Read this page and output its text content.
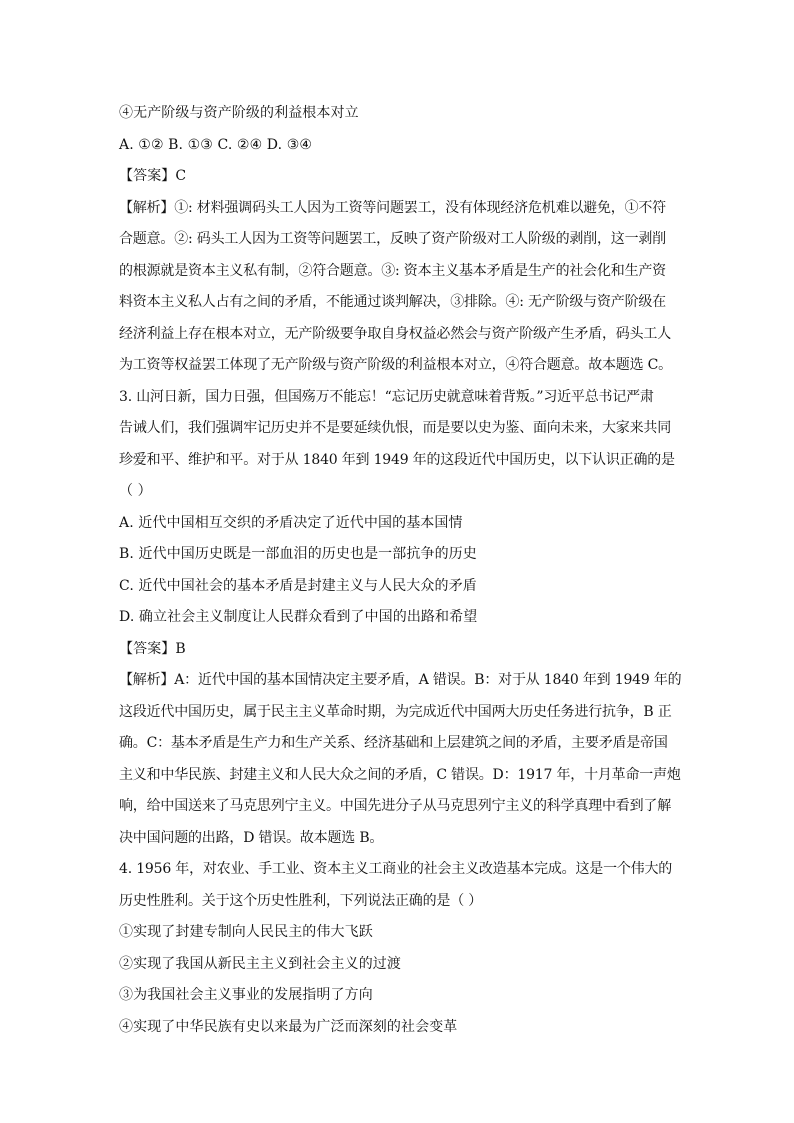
④无产阶级与资产阶级的利益根本对立
A. ①② B. ①③ C. ②④ D. ③④
【答案】C
【解析】①: 材料强调码头工人因为工资等问题罢工，没有体现经济危机难以避免，①不符
合题意。②: 码头工人因为工资等问题罢工，反映了资产阶级对工人阶级的剥削，这一剥削
的根源就是资本主义私有制，②符合题意。③: 资本主义基本矛盾是生产的社会化和生产资
料资本主义私人占有之间的矛盾，不能通过谈判解决，③排除。④: 无产阶级与资产阶级在
经济利益上存在根本对立，无产阶级要争取自身权益必然会与资产阶级产生矛盾，码头工人
为工资等权益罢工体现了无产阶级与资产阶级的利益根本对立，④符合题意。故本题选 C。
3. 山河日新，国力日强，但国殇万不能忘！“忘记历史就意味着背叛。”习近平总书记严肃
告诫人们，我们强调牢记历史并不是要延续仇恨，而是要以史为鉴、面向未来，大家来共同
珍爱和平、维护和平。对于从 1840 年到 1949 年的这段近代中国历史，以下认识正确的是
（ ）
A. 近代中国相互交织的矛盾决定了近代中国的基本国情
B. 近代中国历史既是一部血泪的历史也是一部抗争的历史
C. 近代中国社会的基本矛盾是封建主义与人民大众的矛盾
D. 确立社会主义制度让人民群众看到了中国的出路和希望
【答案】B
【解析】A：近代中国的基本国情决定主要矛盾，A 错误。B：对于从 1840 年到 1949 年的
这段近代中国历史，属于民主主义革命时期，为完成近代中国两大历史任务进行抗争，B 正
确。C：基本矛盾是生产力和生产关系、经济基础和上层建筑之间的矛盾，主要矛盾是帝国
主义和中华民族、封建主义和人民大众之间的矛盾，C 错误。D：1917 年，十月革命一声炮
响，给中国送来了马克思列宁主义。中国先进分子从马克思列宁主义的科学真理中看到了解
决中国问题的出路，D 错误。故本题选 B。
4. 1956 年，对农业、手工业、资本主义工商业的社会主义改造基本完成。这是一个伟大的
历史性胜利。关于这个历史性胜利，下列说法正确的是（ ）
①实现了封建专制向人民民主的伟大飞跃
②实现了我国从新民主主义到社会主义的过渡
③为我国社会主义事业的发展指明了方向
④实现了中华民族有史以来最为广泛而深刻的社会变革
